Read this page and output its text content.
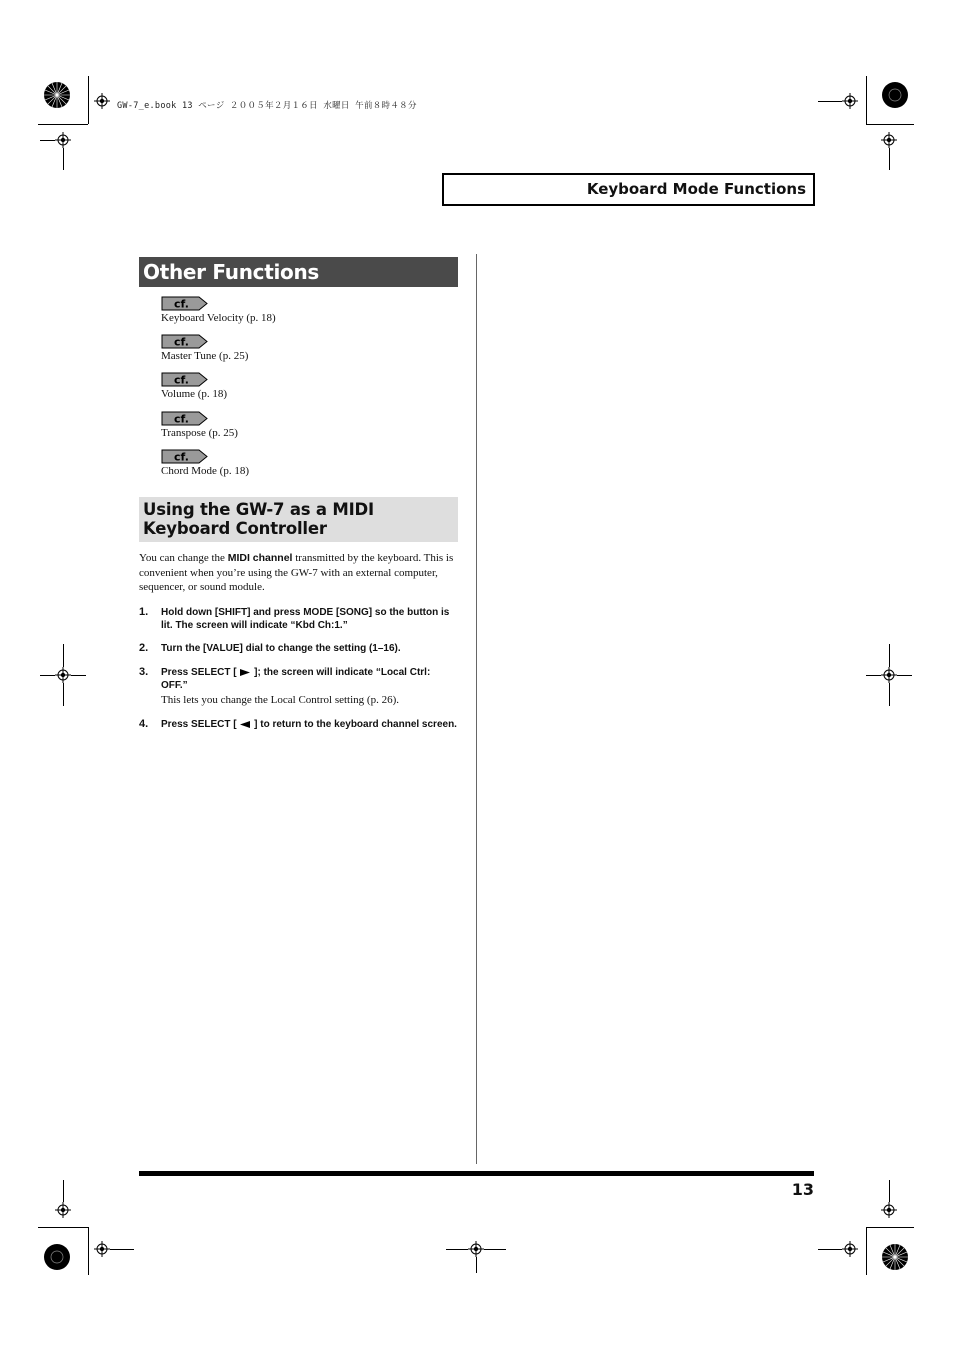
GW-7_e.book 13 ページ ２００５年２月１６日 水曜日 午前８時４８分
Keyboard Mode Functions
Other Functions
cf.
Keyboard Velocity (p. 18)
cf.
Master Tune (p. 25)
cf.
Volume (p. 18)
cf.
Transpose (p. 25)
cf.
Chord Mode (p. 18)
Using the GW-7 as a MIDI
Keyboard Controller
You can change the MIDI channel transmitted by the keyboard. This is convenient when you’re using the GW-7 with an external computer, sequencer, or sound module.
1. Hold down [SHIFT] and press MODE [SONG] so the button is lit. The screen will indicate “Kbd Ch:1.”
2. Turn the [VALUE] dial to change the setting (1–16).
3. Press SELECT [  ]; the screen will indicate “Local Ctrl: OFF.”
This lets you change the Local Control setting (p. 26).
4. Press SELECT [  ] to return to the keyboard channel screen.
13
